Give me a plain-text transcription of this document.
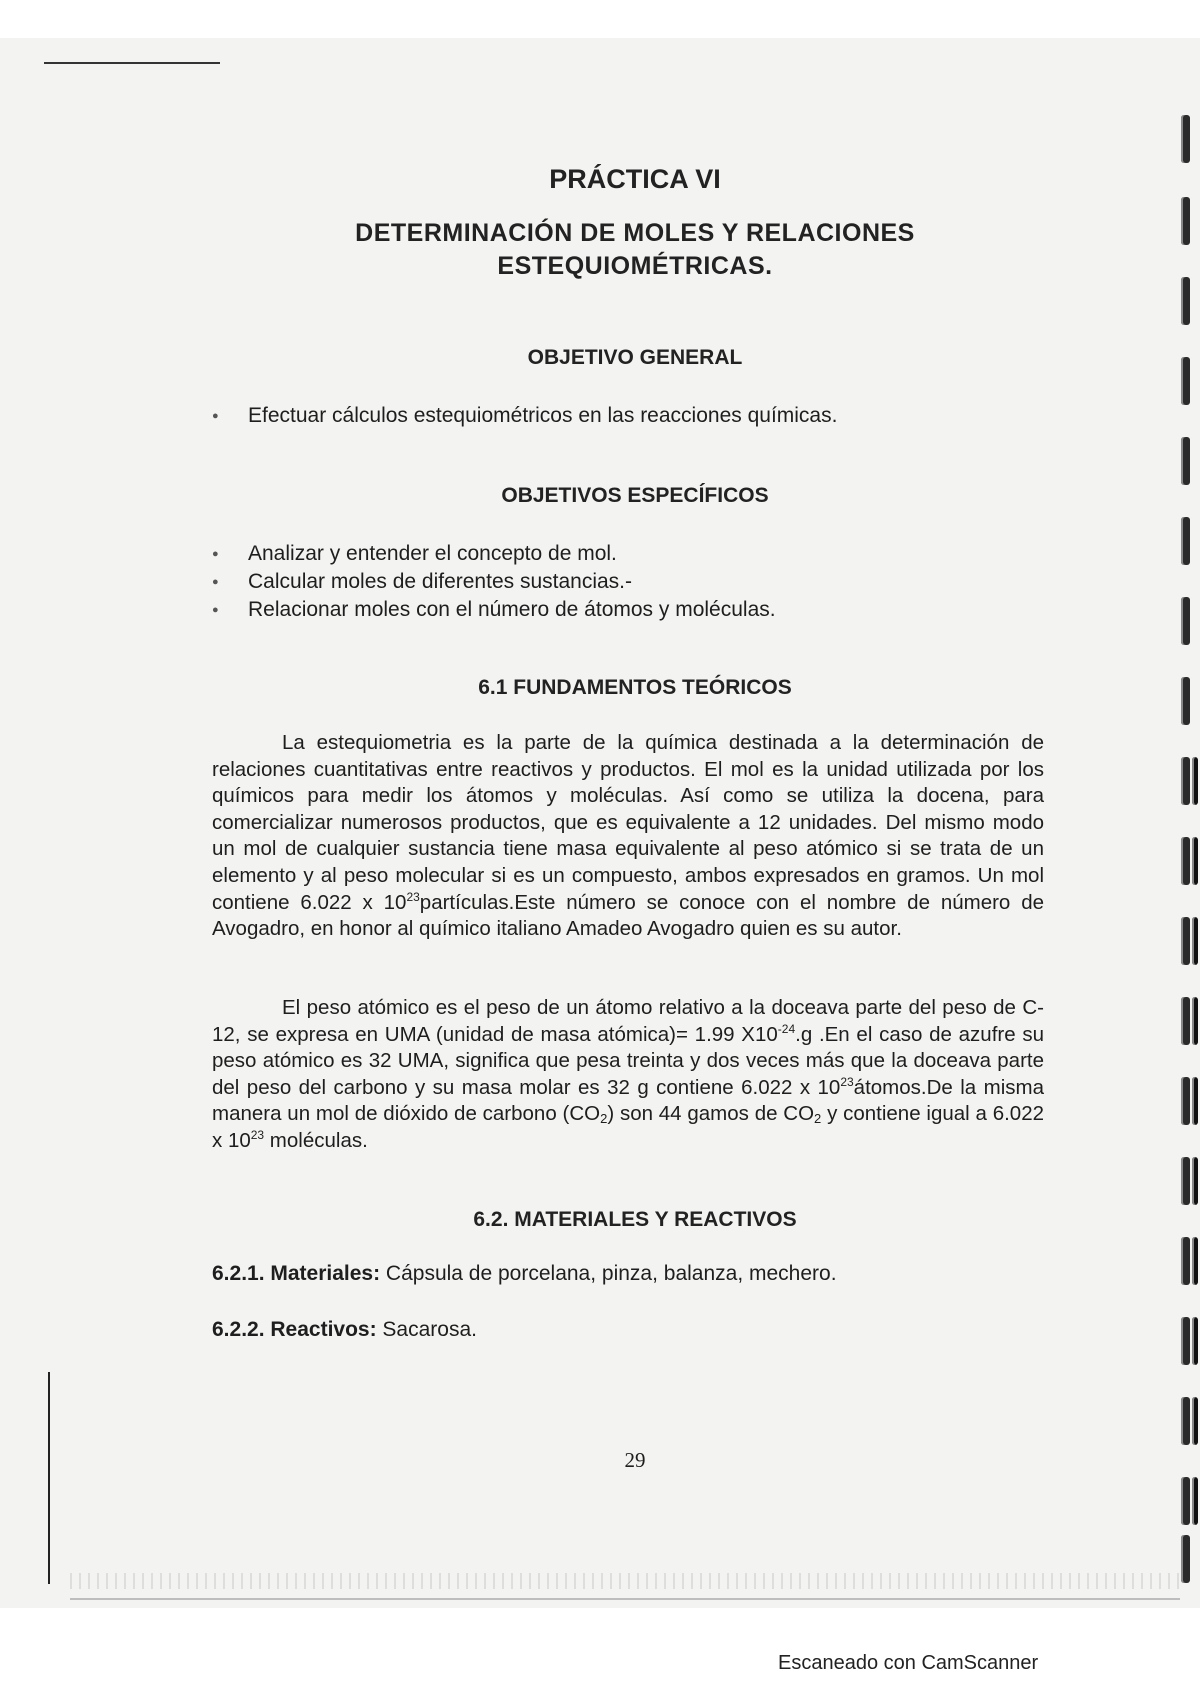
PRÁCTICA VI
DETERMINACIÓN DE MOLES Y RELACIONES
ESTEQUIOMÉTRICAS.
OBJETIVO GENERAL
● Efectuar cálculos estequiométricos en las reacciones químicas.
OBJETIVOS ESPECÍFICOS
● Analizar y entender el concepto de mol.
● Calcular moles de diferentes sustancias.-
● Relacionar moles con el número de átomos y moléculas.
6.1 FUNDAMENTOS TEÓRICOS

La estequiometria es la parte de la química destinada a la determinación de relaciones cuantitativas entre reactivos y productos. El mol es la unidad utilizada por los químicos para medir los átomos y moléculas. Así como se utiliza la docena, para comercializar numerosos productos, que es equivalente a 12 unidades. Del mismo modo un mol de cualquier sustancia tiene masa equivalente al peso atómico si se trata de un elemento y al peso molecular si es un compuesto, ambos expresados en gramos. Un mol contiene 6.022 x $10^{23}partículas.Este$ número se conoce con el nombre de número de Avogadro, en honor al químico italiano Amadeo Avogadro quien es su autor.

El peso atómico es el peso de un átomo relativo a la doceava parte del peso de C-12, se expresa en UMA (unidad de masa atómica)= 1.99 $X10^{-24}.g$ .En el caso de azufre su peso atómico es 32 UMA, significa que pesa treinta y dos veces más que la doceava parte del peso del carbono y su masa molar es 32 g contiene 6.022 x $10^{23}átomos.De$ la misma manera un mol de dióxido de carbono $(CO_2)$ son 44 gamos de $CO_2$ y contiene igual a 6.022 x $10^{23}$ moléculas.

6.2. MATERIALES Y REACTIVOS
6.2.1. Materiales: Cápsula de porcelana, pinza, balanza, mechero.
6.2.2. Reactivos: Sacarosa.
29
Escaneado con CamScanner
